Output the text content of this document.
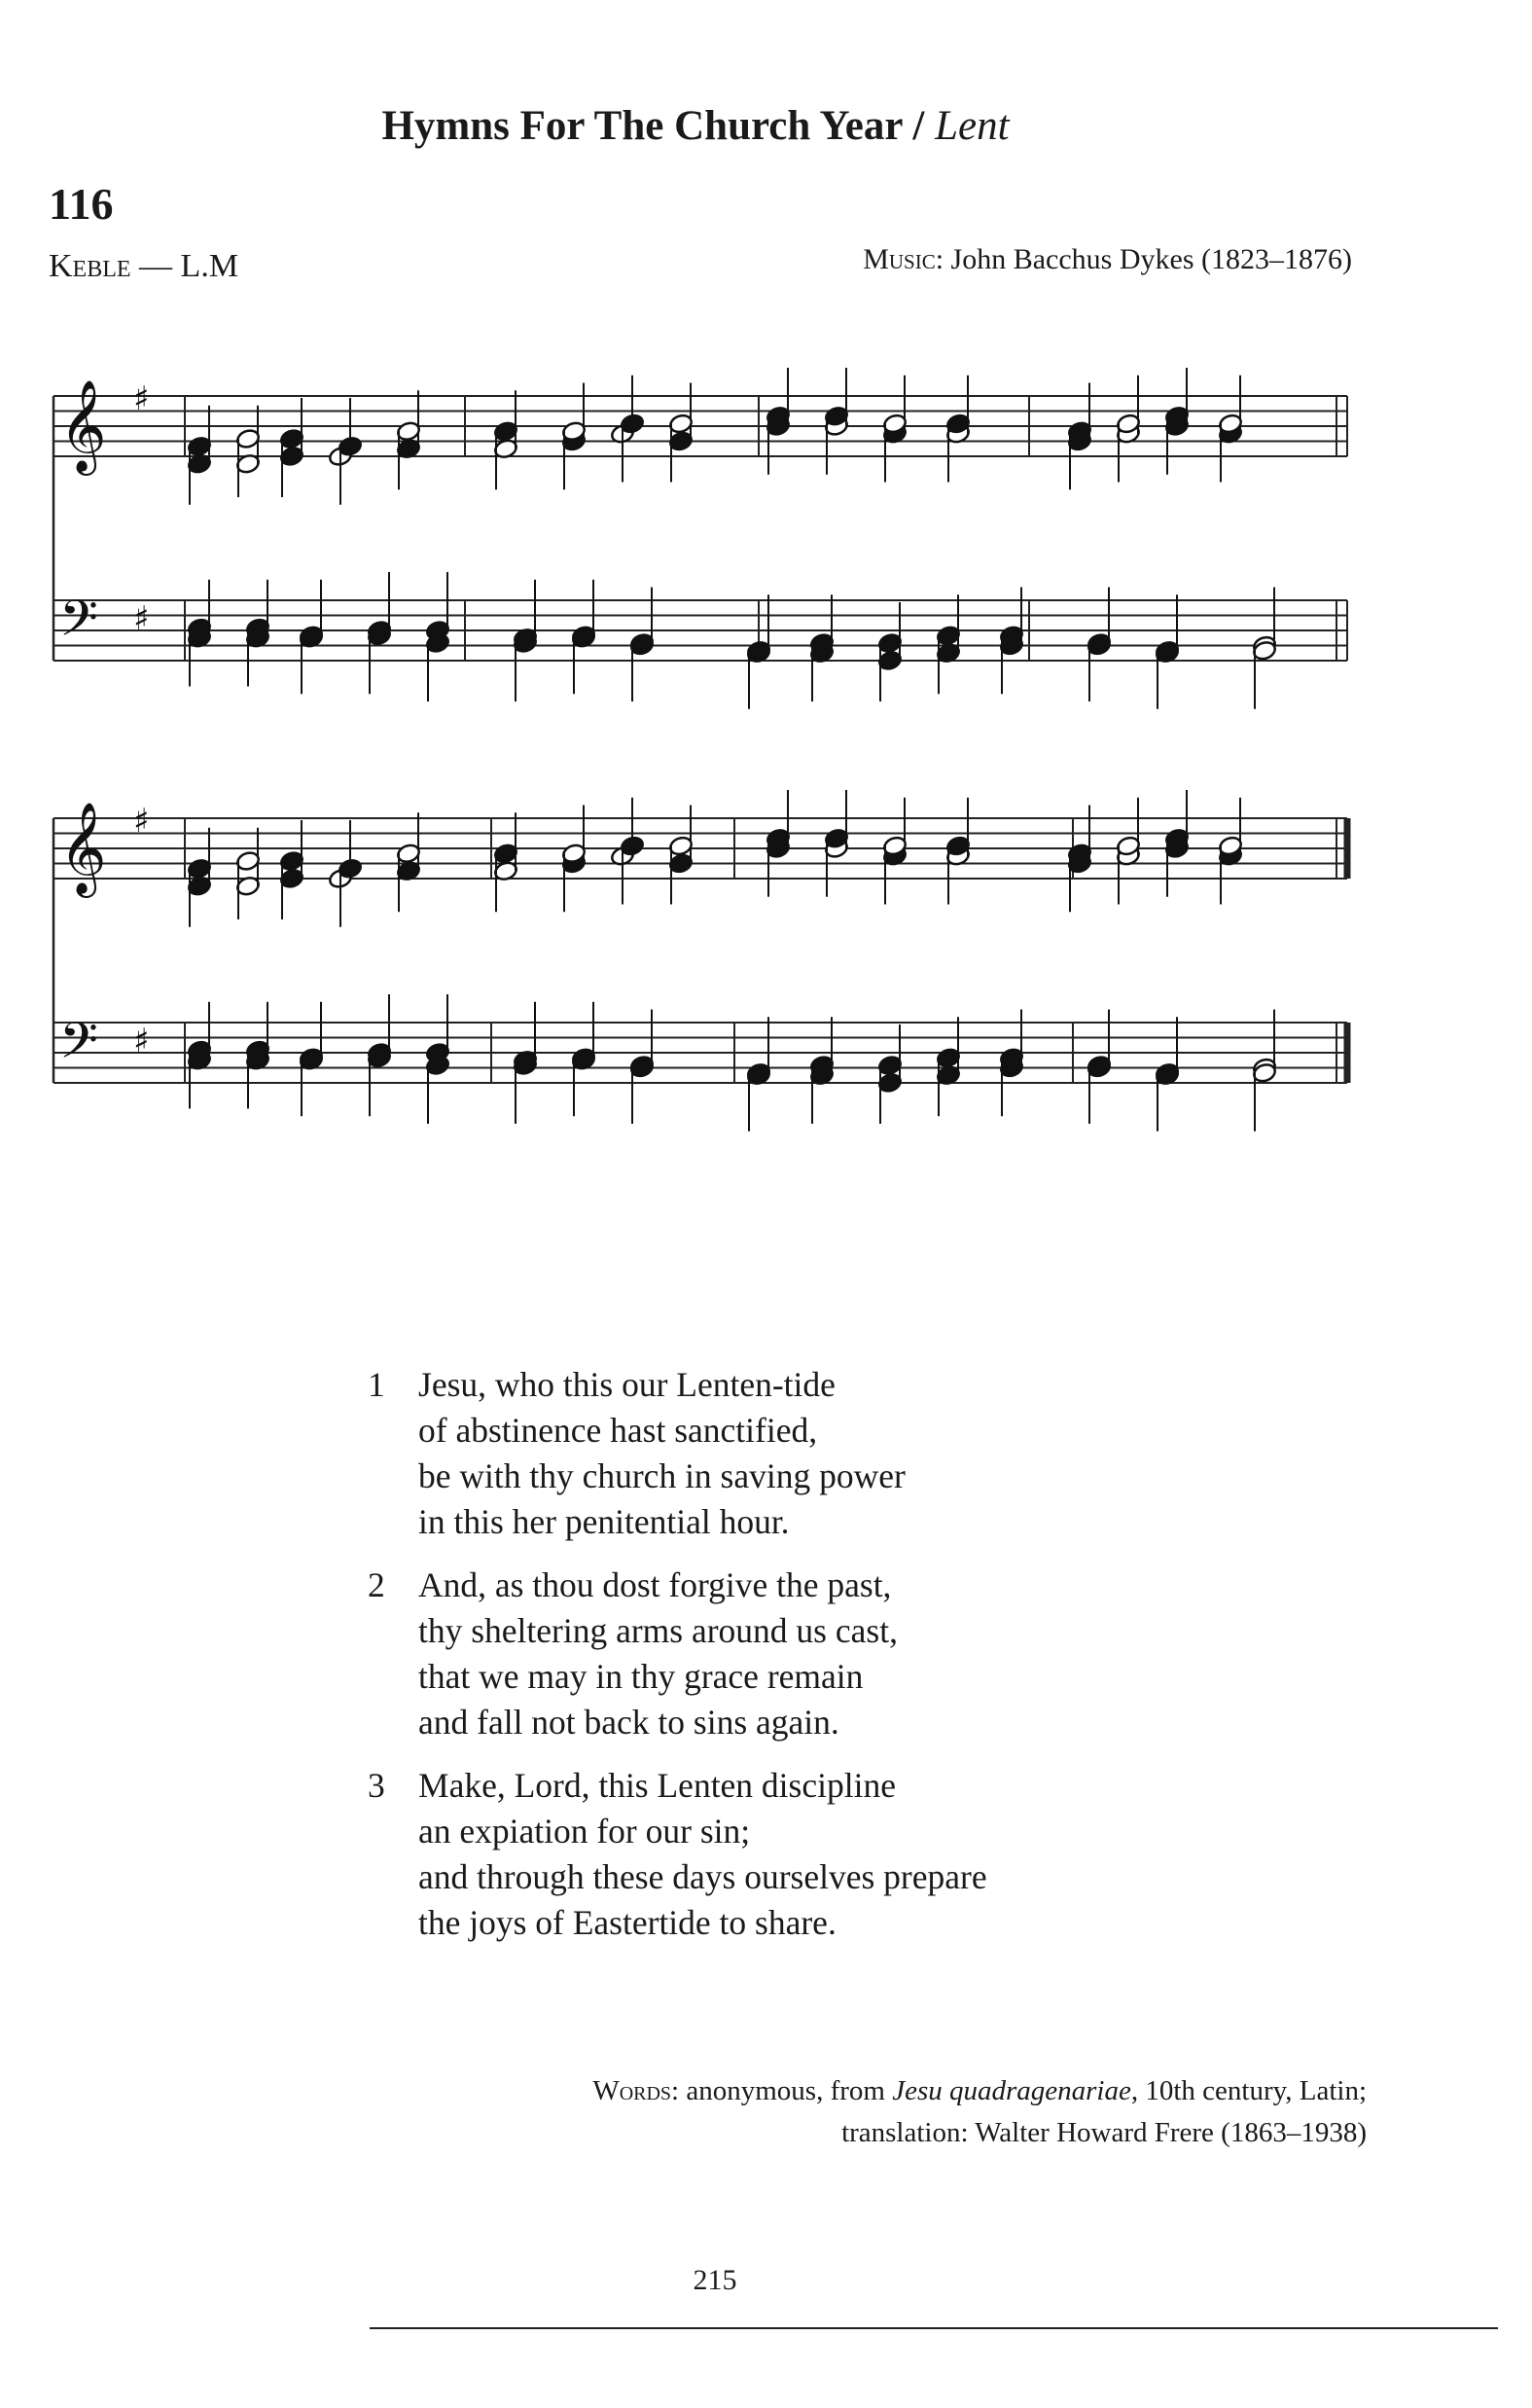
Hymns For The Church Year / Lent
116
Keble — L.M	Music: John Bacchus Dykes (1823–1876)
𝄞 ♯
𝄢 ♯
𝄞 ♯
𝄢 ♯
1 Jesu, who this our Lenten-tide
of abstinence hast sanctified,
be with thy church in saving power
in this her penitential hour.
2 And, as thou dost forgive the past,
thy sheltering arms around us cast,
that we may in thy grace remain
and fall not back to sins again.
3 Make, Lord, this Lenten discipline
an expiation for our sin;
and through these days ourselves prepare
the joys of Eastertide to share.
Words: anonymous, from Jesu quadragenariae, 10th century, Latin;
translation: Walter Howard Frere (1863–1938)
215
